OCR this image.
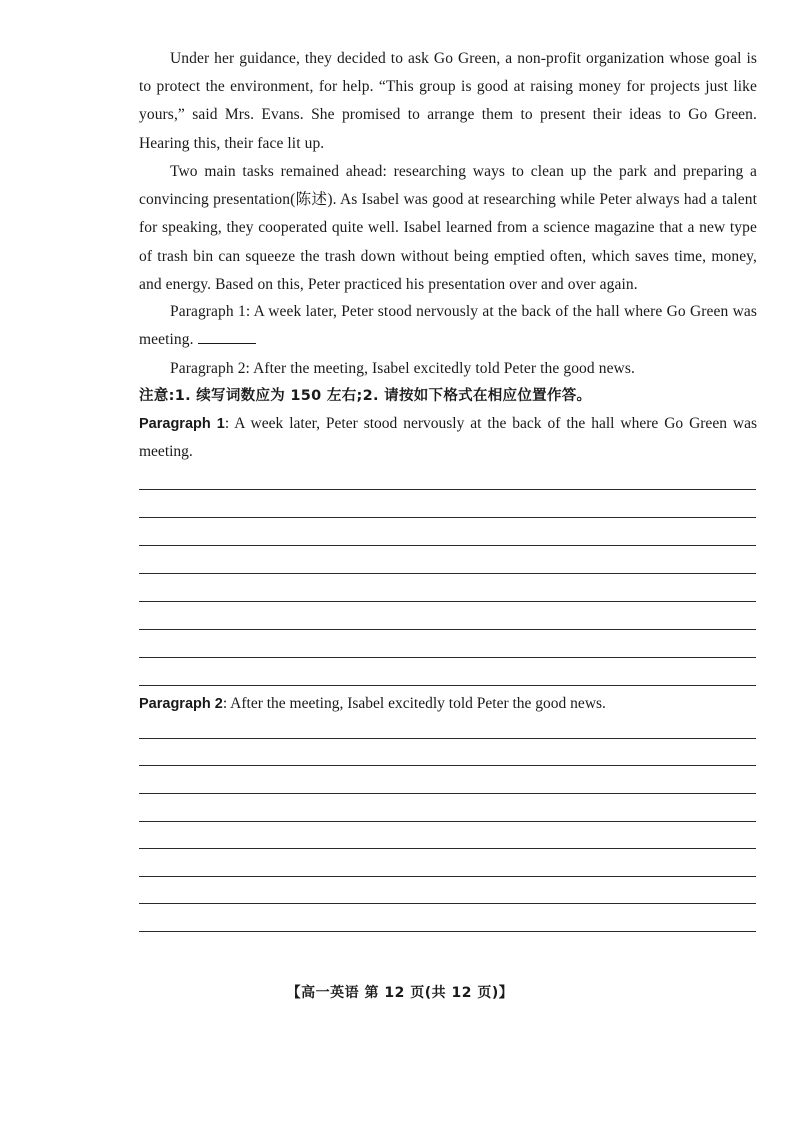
Under her guidance, they decided to ask Go Green, a non-profit organization whose goal is to protect the environment, for help. “This group is good at raising money for projects just like yours,” said Mrs. Evans. She promised to arrange them to present their ideas to Go Green. Hearing this, their face lit up.

Two main tasks remained ahead: researching ways to clean up the park and preparing a convincing presentation(陈述). As Isabel was good at researching while Peter always had a talent for speaking, they cooperated quite well. Isabel learned from a science magazine that a new type of trash bin can squeeze the trash down without being emptied often, which saves time, money, and energy. Based on this, Peter practiced his presentation over and over again.

Paragraph 1: A week later, Peter stood nervously at the back of the hall where Go Green was meeting.

Paragraph 2: After the meeting, Isabel excitedly told Peter the good news.

注意:1. 续写词数应为 150 左右;2. 请按如下格式在相应位置作答。
Paragraph 1: A week later, Peter stood nervously at the back of the hall where Go Green was meeting.
Paragraph 2: After the meeting, Isabel excitedly told Peter the good news.
【高一英语 第 12 页(共 12 页)】
